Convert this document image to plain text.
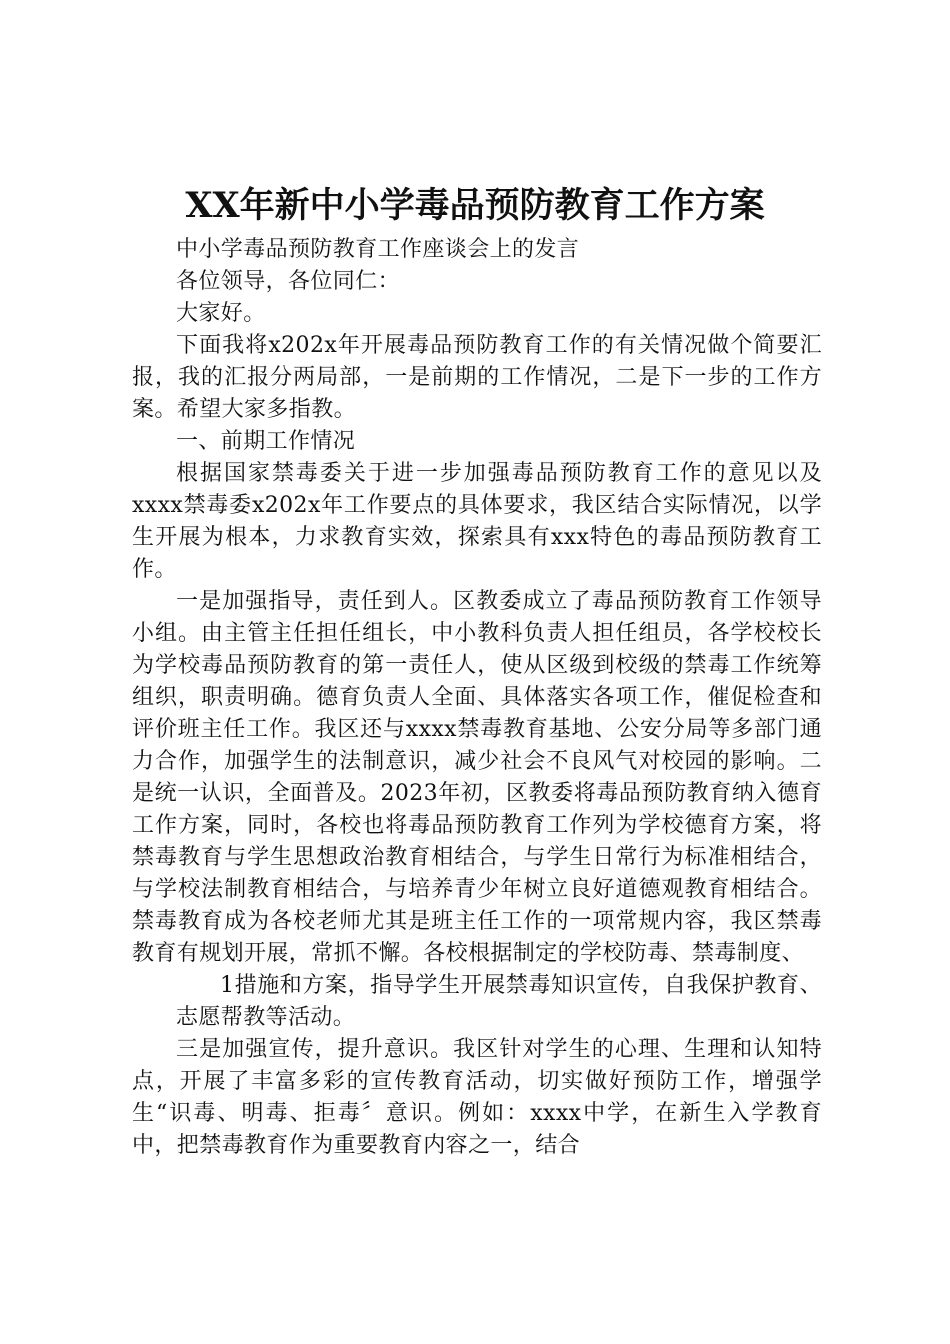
XX年新中小学毒品预防教育工作方案

中小学毒品预防教育工作座谈会上的发言

各位领导，各位同仁：

大家好。

下面我将x202x年开展毒品预防教育工作的有关情况做个简要汇报，我的汇报分两局部，一是前期的工作情况，二是下一步的工作方案。希望大家多指教。

一、前期工作情况

根据国家禁毒委关于进一步加强毒品预防教育工作的意见以及xxxx禁毒委x202x年工作要点的具体要求，我区结合实际情况，以学生开展为根本，力求教育实效，探索具有xxx特色的毒品预防教育工作。

一是加强指导，责任到人。区教委成立了毒品预防教育工作领导小组。由主管主任担任组长，中小教科负责人担任组员，各学校校长为学校毒品预防教育的第一责任人，使从区级到校级的禁毒工作统筹组织，职责明确。德育负责人全面、具体落实各项工作，催促检查和评价班主任工作。我区还与xxxx禁毒教育基地、公安分局等多部门通力合作，加强学生的法制意识，减少社会不良风气对校园的影响。二是统一认识，全面普及。2023年初，区教委将毒品预防教育纳入德育工作方案，同时，各校也将毒品预防教育工作列为学校德育方案，将禁毒教育与学生思想政治教育相结合，与学生日常行为标准相结合，与学校法制教育相结合，与培养青少年树立良好道德观教育相结合。禁毒教育成为各校老师尤其是班主任工作的一项常规内容，我区禁毒教育有规划开展，常抓不懈。各校根据制定的学校防毒、禁毒制度、

1措施和方案，指导学生开展禁毒知识宣传，自我保护教育、志愿帮教等活动。

三是加强宣传，提升意识。我区针对学生的心理、生理和认知特点，开展了丰富多彩的宣传教育活动，切实做好预防工作，增强学生“识毒、明毒、拒毒〞意识。例如：xxxx中学，在新生入学教育中，把禁毒教育作为重要教育内容之一，结合
